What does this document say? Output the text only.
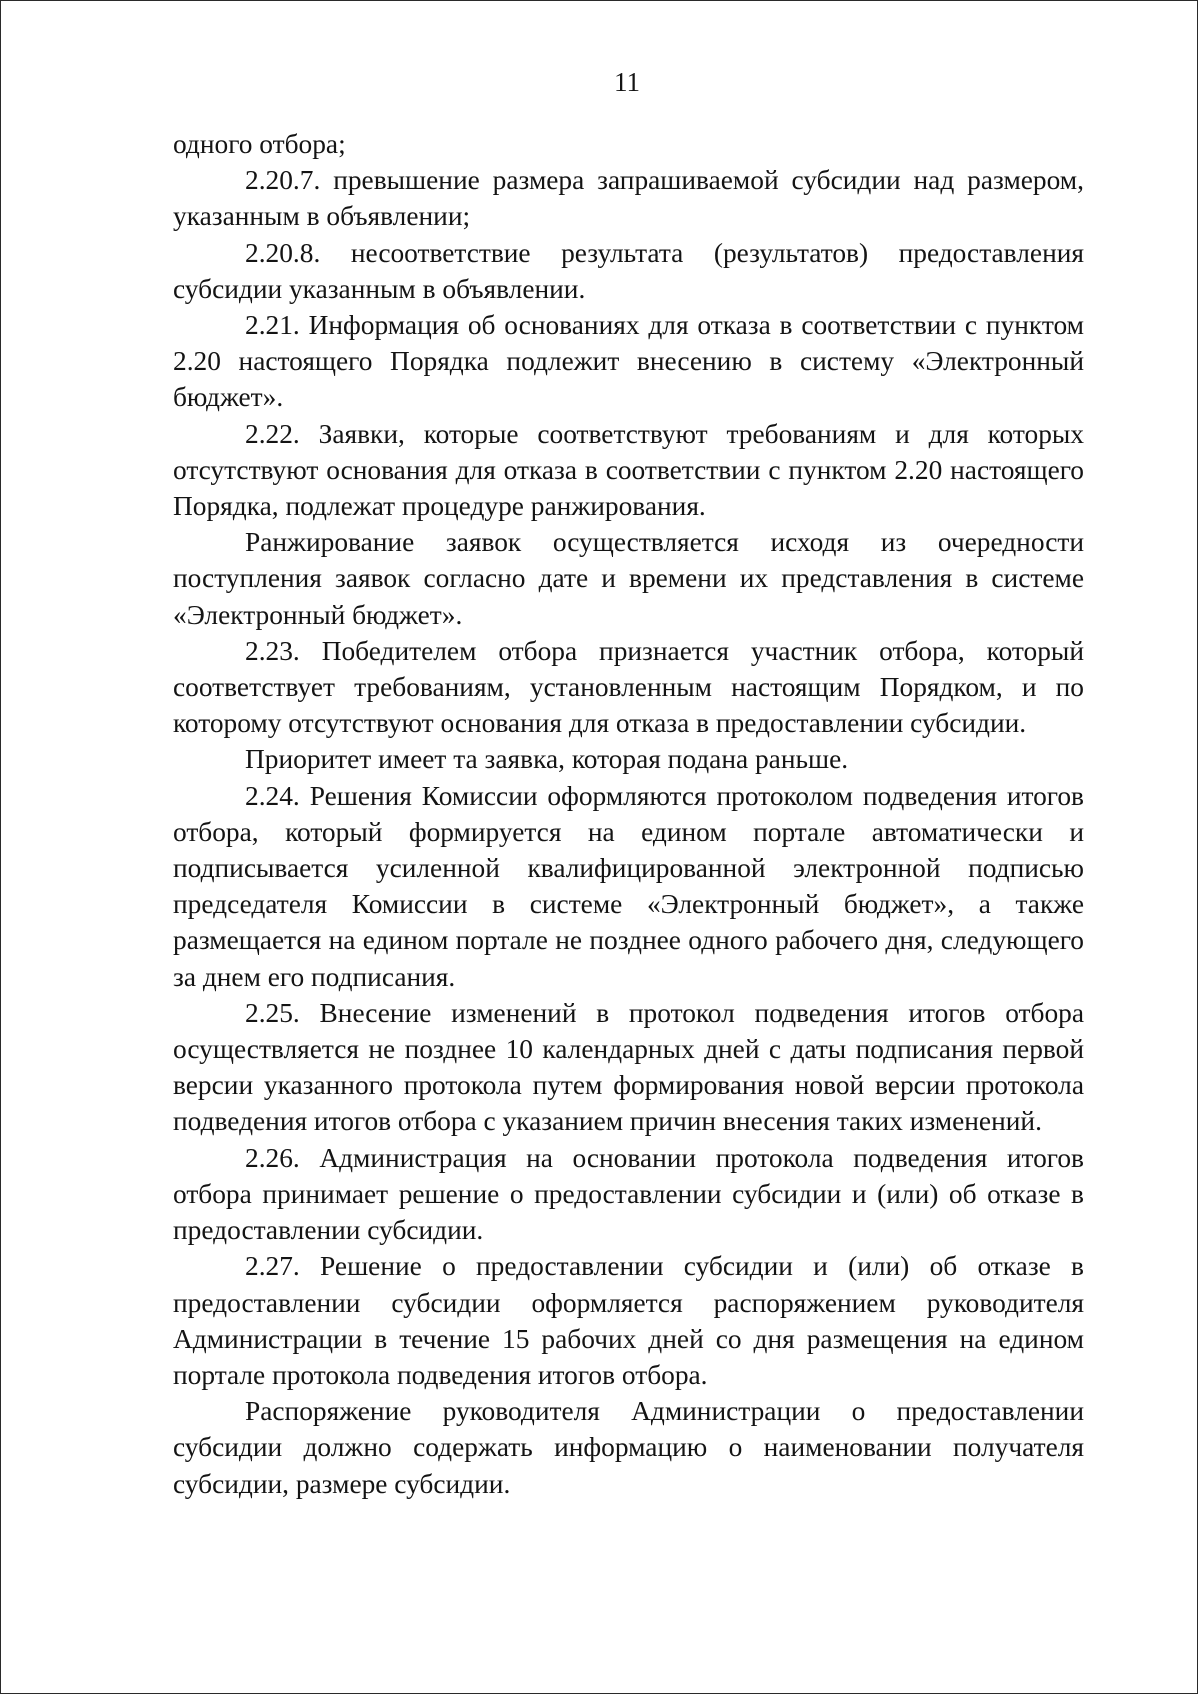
11

одного отбора;

2.20.7. превышение размера запрашиваемой субсидии над размером, указанным в объявлении;

2.20.8. несоответствие результата (результатов) предоставления субсидии указанным в объявлении.

2.21. Информация об основаниях для отказа в соответствии с пунктом 2.20 настоящего Порядка подлежит внесению в систему «Электронный бюджет».

2.22. Заявки, которые соответствуют требованиям и для которых отсутствуют основания для отказа в соответствии с пунктом 2.20 настоящего Порядка, подлежат процедуре ранжирования.

Ранжирование заявок осуществляется исходя из очередности поступления заявок согласно дате и времени их представления в системе «Электронный бюджет».

2.23. Победителем отбора признается участник отбора, который соответствует требованиям, установленным настоящим Порядком, и по которому отсутствуют основания для отказа в предоставлении субсидии.

Приоритет имеет та заявка, которая подана раньше.

2.24. Решения Комиссии оформляются протоколом подведения итогов отбора, который формируется на едином портале автоматически и подписывается усиленной квалифицированной электронной подписью председателя Комиссии в системе «Электронный бюджет», а также размещается на едином портале не позднее одного рабочего дня, следующего за днем его подписания.

2.25. Внесение изменений в протокол подведения итогов отбора осуществляется не позднее 10 календарных дней с даты подписания первой версии указанного протокола путем формирования новой версии протокола подведения итогов отбора с указанием причин внесения таких изменений.

2.26. Администрация на основании протокола подведения итогов отбора принимает решение о предоставлении субсидии и (или) об отказе в предоставлении субсидии.

2.27. Решение о предоставлении субсидии и (или) об отказе в предоставлении субсидии оформляется распоряжением руководителя Администрации в течение 15 рабочих дней со дня размещения на едином портале протокола подведения итогов отбора.

Распоряжение руководителя Администрации о предоставлении субсидии должно содержать информацию о наименовании получателя субсидии, размере субсидии.
